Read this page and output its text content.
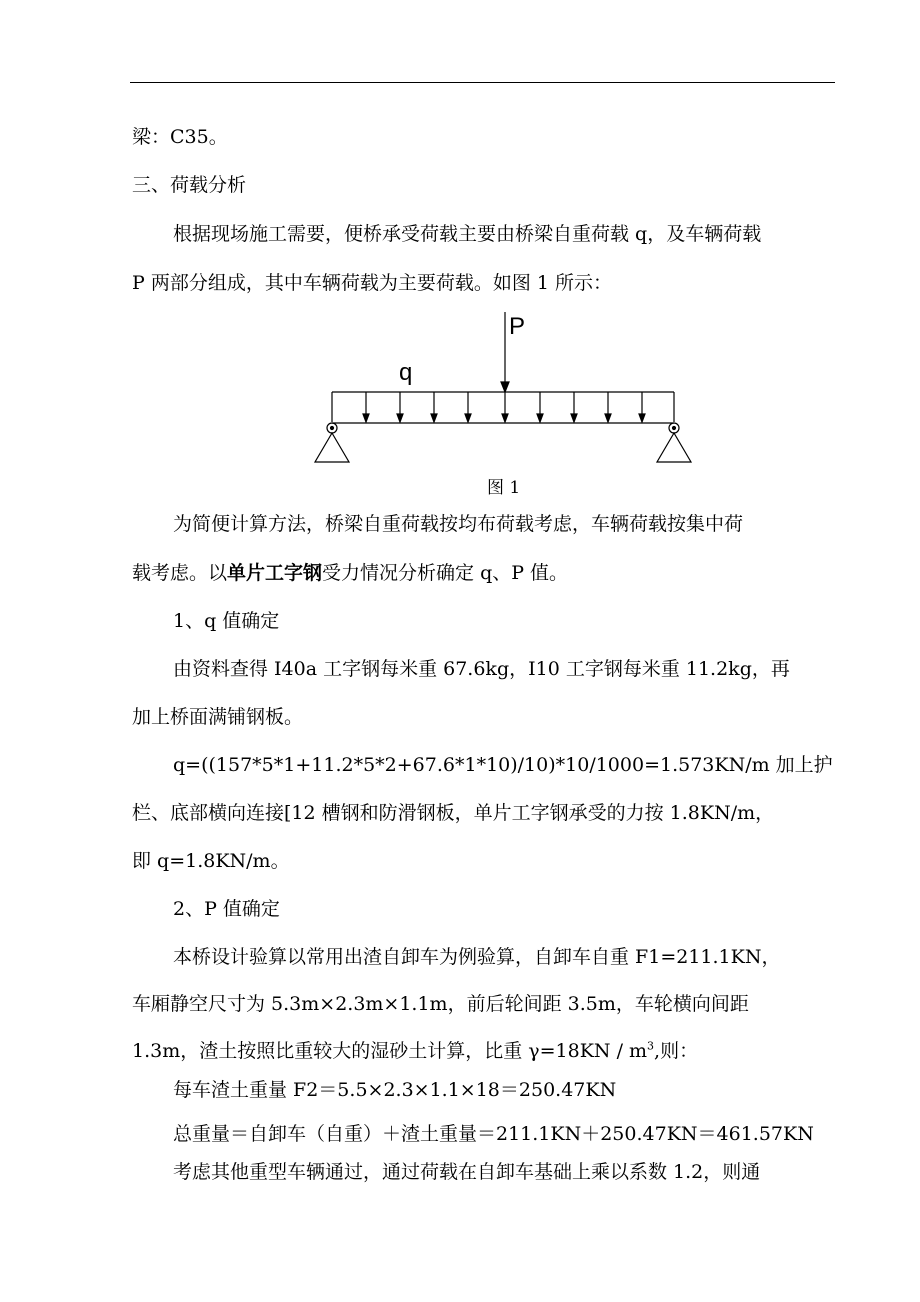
梁：C35。
三、荷载分析
根据现场施工需要，便桥承受荷载主要由桥梁自重荷载 q，及车辆荷载
P 两部分组成，其中车辆荷载为主要荷载。如图 1 所示：
P
q
图 1
为简便计算方法，桥梁自重荷载按均布荷载考虑，车辆荷载按集中荷
载考虑。以单片工字钢受力情况分析确定 q、P 值。
1、q 值确定
由资料查得 I40a 工字钢每米重 67.6kg，I10 工字钢每米重 11.2kg，再
加上桥面满铺钢板。
q=((157*5*1+11.2*5*2+67.6*1*10)/10)*10/1000=1.573KN/m 加上护
栏、底部横向连接[12 槽钢和防滑钢板，单片工字钢承受的力按 1.8KN/m，
即 q=1.8KN/m。
2、P 值确定
本桥设计验算以常用出渣自卸车为例验算，自卸车自重 F1=211.1KN，
车厢静空尺寸为 5.3m×2.3m×1.1m，前后轮间距 3.5m，车轮横向间距
1.3m，渣土按照比重较大的湿砂土计算，比重 $\gamma=18KN / m^3$,则：
每车渣土重量 F2＝5.5×2.3×1.1×18＝250.47KN
总重量＝自卸车（自重）＋渣土重量＝211.1KN＋250.47KN＝461.57KN
考虑其他重型车辆通过，通过荷载在自卸车基础上乘以系数 1.2，则通
